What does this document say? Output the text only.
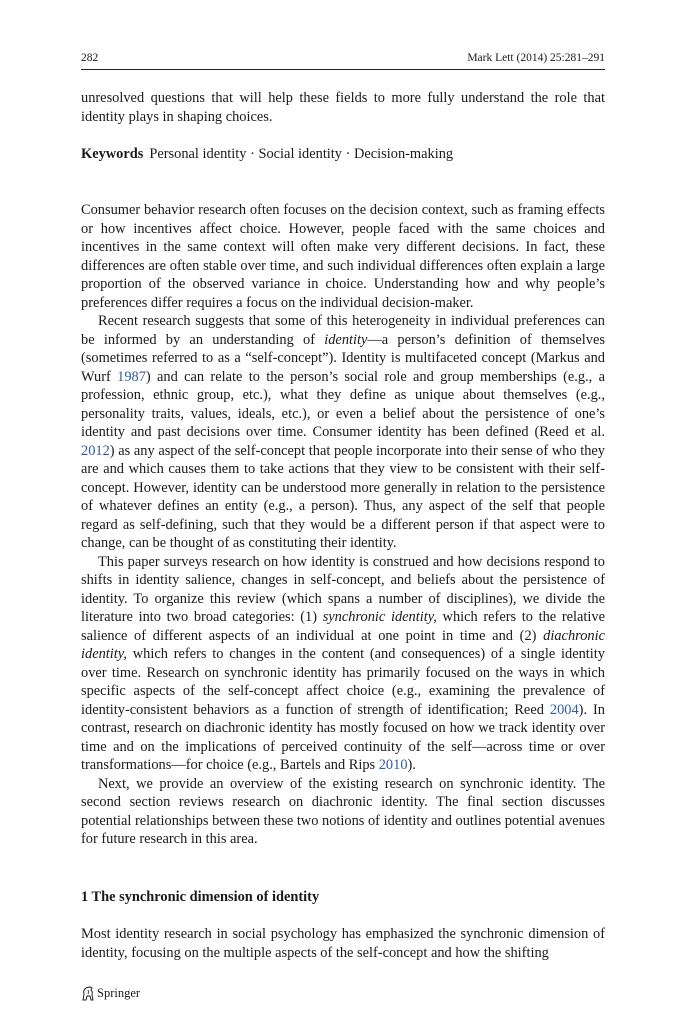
282	Mark Lett (2014) 25:281–291

unresolved questions that will help these fields to more fully understand the role that identity plays in shaping choices.

Keywords Personal identity · Social identity · Decision-making

Consumer behavior research often focuses on the decision context, such as framing effects or how incentives affect choice. However, people faced with the same choices and incentives in the same context will often make very different decisions. In fact, these differences are often stable over time, and such individual differences often explain a large proportion of the observed variance in choice. Understanding how and why people’s preferences differ requires a focus on the individual decision-maker.

Recent research suggests that some of this heterogeneity in individual preferences can be informed by an understanding of identity—a person’s definition of themselves (sometimes referred to as a “self-concept”). Identity is multifaceted concept (Markus and Wurf 1987) and can relate to the person’s social role and group memberships (e.g., a profession, ethnic group, etc.), what they define as unique about themselves (e.g., personality traits, values, ideals, etc.), or even a belief about the persistence of one’s identity and past decisions over time. Consumer identity has been defined (Reed et al. 2012) as any aspect of the self-concept that people incorporate into their sense of who they are and which causes them to take actions that they view to be consistent with their self-concept. However, identity can be understood more generally in relation to the persistence of whatever defines an entity (e.g., a person). Thus, any aspect of the self that people regard as self-defining, such that they would be a different person if that aspect were to change, can be thought of as constituting their identity.

This paper surveys research on how identity is construed and how decisions respond to shifts in identity salience, changes in self-concept, and beliefs about the persistence of identity. To organize this review (which spans a number of disciplines), we divide the literature into two broad categories: (1) synchronic identity, which refers to the relative salience of different aspects of an individual at one point in time and (2) diachronic identity, which refers to changes in the content (and consequences) of a single identity over time. Research on synchronic identity has primarily focused on the ways in which specific aspects of the self-concept affect choice (e.g., examining the prevalence of identity-consistent behaviors as a function of strength of identification; Reed 2004). In contrast, research on diachronic identity has mostly focused on how we track identity over time and on the implications of perceived continuity of the self—across time or over transformations—for choice (e.g., Bartels and Rips 2010).

Next, we provide an overview of the existing research on synchronic identity. The second section reviews research on diachronic identity. The final section discusses potential relationships between these two notions of identity and outlines potential avenues for future research in this area.

1 The synchronic dimension of identity

Most identity research in social psychology has emphasized the synchronic dimension of identity, focusing on the multiple aspects of the self-concept and how the shifting

Springer
